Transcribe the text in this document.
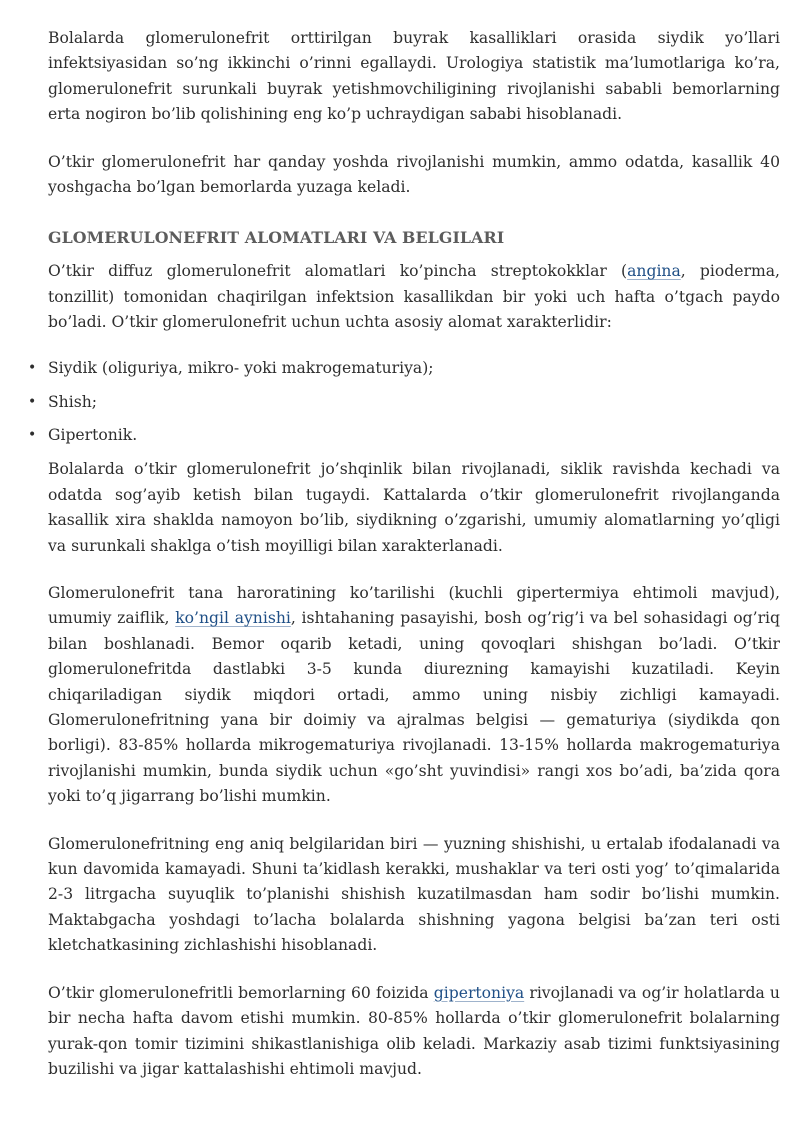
Bolalarda glomerulonefrit orttirilgan buyrak kasalliklari orasida siydik yo’llari infektsiyasidan so’ng ikkinchi o’rinni egallaydi. Urologiya statistik ma’lumotlariga ko’ra, glomerulonefrit surunkali buyrak yetishmovchiligining rivojlanishi sababli bemorlarning erta nogiron bo’lib qolishining eng ko’p uchraydigan sababi hisoblanadi.

O’tkir glomerulonefrit har qanday yoshda rivojlanishi mumkin, ammo odatda, kasallik 40 yoshgacha bo’lgan bemorlarda yuzaga keladi.

GLOMERULONEFRIT ALOMATLARI VA BELGILARI

O’tkir diffuz glomerulonefrit alomatlari ko’pincha streptokokklar (angina, piodermа, tonzillit) tomonidan chaqirilgan infektsion kasallikdan bir yoki uch hafta o’tgach paydo bo’ladi. O’tkir glomerulonefrit uchun uchta asosiy alomat xarakterlidir:

• Siydik (oliguriya, mikro- yoki makrogematuriya);
• Shish;
• Gipertonik.

Bolalarda o’tkir glomerulonefrit jo’shqinlik bilan rivojlanadi, siklik ravishda kechadi va odatda sog’ayib ketish bilan tugaydi. Kattalarda o’tkir glomerulonefrit rivojlanganda kasallik xira shaklda namoyon bo’lib, siydikning o’zgarishi, umumiy alomatlarning yo’qligi va surunkali shaklga o’tish moyilligi bilan xarakterlanadi.

Glomerulonefrit tana haroratining ko’tarilishi (kuchli gipertermiya ehtimoli mavjud), umumiy zaiflik, ko’ngil aynishi, ishtahaning pasayishi, bosh og’rig’i va bel sohasidagi og’riq bilan boshlanadi. Bemor oqarib ketadi, uning qovoqlari shishgan bo’ladi. O’tkir glomerulonefritda dastlabki 3-5 kunda diurezning kamayishi kuzatiladi. Keyin chiqariladigan siydik miqdori ortadi, ammo uning nisbiy zichligi kamayadi. Glomerulonefritning yana bir doimiy va ajralmas belgisi — gematuriya (siydikda qon borligi). 83-85% hollarda mikrogematuriya rivojlanadi. 13-15% hollarda makrogematuriya rivojlanishi mumkin, bunda siydik uchun «go’sht yuvindisi» rangi xos bo’adi, ba’zida qora yoki to’q jigarrang bo’lishi mumkin.

Glomerulonefritning eng aniq belgilaridan biri — yuzning shishishi, u ertalab ifodalanadi va kun davomida kamayadi. Shuni ta’kidlash kerakki, mushaklar va teri osti yog’ to’qimalarida 2-3 litrgacha suyuqlik to’planishi shishish kuzatilmasdan ham sodir bo’lishi mumkin. Maktabgacha yoshdagi to’lacha bolalarda shishning yagona belgisi ba’zan teri osti kletchatkasining zichlashishi hisoblanadi.

O’tkir glomerulonefritli bemorlarning 60 foizida gipertoniya rivojlanadi va og’ir holatlarda u bir necha hafta davom etishi mumkin. 80-85% hollarda o’tkir glomerulonefrit bolalarning yurak-qon tomir tizimini shikastlanishiga olib keladi. Markaziy asab tizimi funktsiyasining buzilishi va jigar kattalashishi ehtimoli mavjud.
